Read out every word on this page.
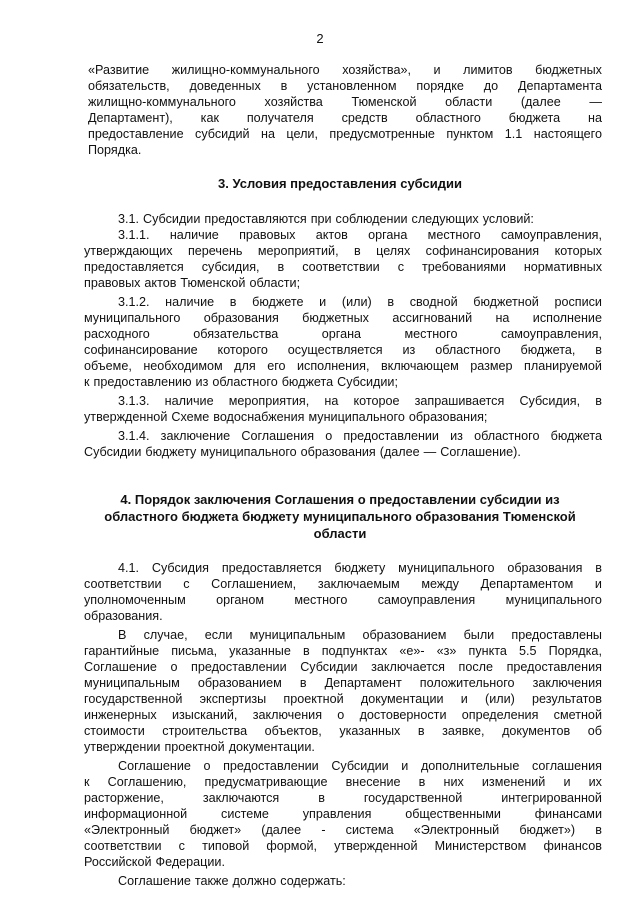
2
«Развитие жилищно-коммунального хозяйства», и лимитов бюджетных
обязательств, доведенных в установленном порядке до Департамента
жилищно-коммунального хозяйства Тюменской области (далее —
Департамент), как получателя средств областного бюджета на
предоставление субсидий на цели, предусмотренные пунктом 1.1 настоящего
Порядка.
3. Условия предоставления субсидии
3.1. Субсидии предоставляются при соблюдении следующих условий:
3.1.1. наличие правовых актов органа местного самоуправления,
утверждающих перечень мероприятий, в целях софинансирования которых
предоставляется субсидия, в соответствии с требованиями нормативных
правовых актов Тюменской области;
3.1.2. наличие в бюджете и (или) в сводной бюджетной росписи
муниципального образования бюджетных ассигнований на исполнение
расходного	обязательства	органа	местного	самоуправления,
софинансирование которого осуществляется из областного бюджета, в
объеме, необходимом для его исполнения, включающем размер планируемой
к предоставлению из областного бюджета Субсидии;
3.1.3. наличие мероприятия, на которое запрашивается Субсидия, в
утвержденной Схеме водоснабжения муниципального образования;
3.1.4. заключение Соглашения о предоставлении из областного бюджета
Субсидии бюджету муниципального образования (далее — Соглашение).
4. Порядок заключения Соглашения о предоставлении субсидии из
областного бюджета бюджету муниципального образования Тюменской
области
4.1. Субсидия предоставляется бюджету муниципального образования в
соответствии с Соглашением, заключаемым между Департаментом и
уполномоченным органом местного самоуправления муниципального
образования.
В случае, если муниципальным образованием были предоставлены
гарантийные письма, указанные в подпунктах «е»- «з» пункта 5.5 Порядка,
Соглашение о предоставлении Субсидии заключается после предоставления
муниципальным образованием в Департамент положительного заключения
государственной экспертизы проектной документации и (или) результатов
инженерных изысканий, заключения о достоверности определения сметной
стоимости строительства объектов, указанных в заявке, документов об
утверждении проектной документации.
Соглашение о предоставлении Субсидии и дополнительные соглашения
к Соглашению, предусматривающие внесение в них изменений и их
расторжение,	заключаются	в	государственной	интегрированной
информационной	системе	управления	общественными	финансами
«Электронный бюджет» (далее - система «Электронный бюджет») в
соответствии с типовой формой, утвержденной Министерством финансов
Российской Федерации.
Соглашение также должно содержать:
